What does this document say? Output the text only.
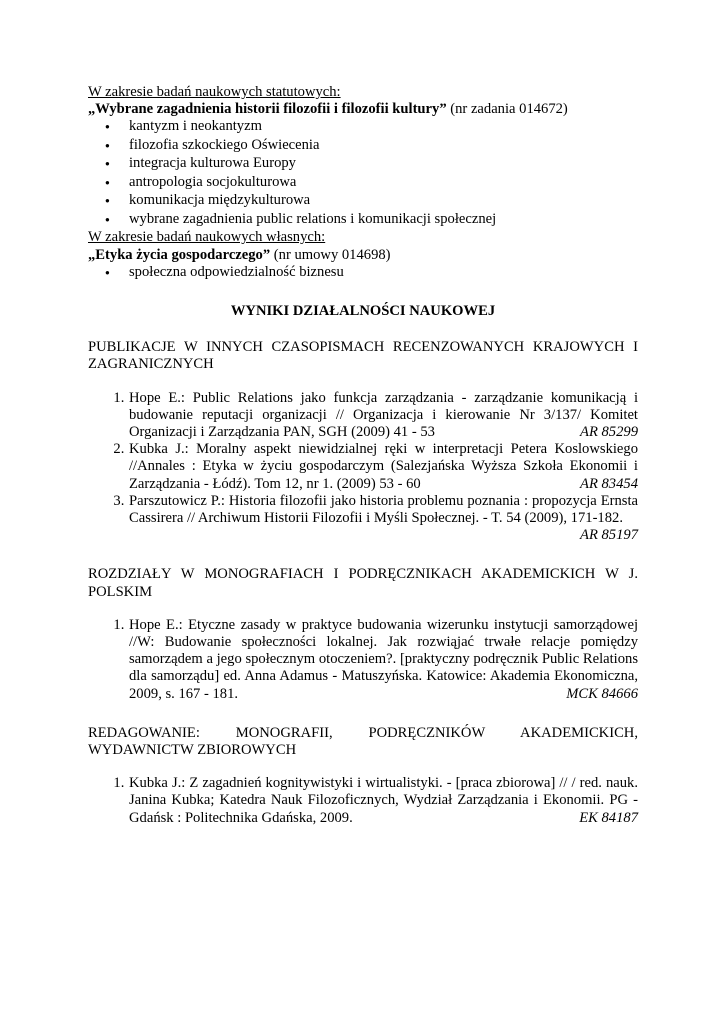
W zakresie badań naukowych statutowych:
„Wybrane zagadnienia historii filozofii i filozofii kultury” (nr zadania 014672)
● kantyzm i neokantyzm
● filozofia szkockiego Oświecenia
● integracja kulturowa Europy
● antropologia socjokulturowa
● komunikacja międzykulturowa
● wybrane zagadnienia public relations i komunikacji społecznej
W zakresie badań naukowych własnych:
„Etyka życia gospodarczego” (nr umowy 014698)
● społeczna odpowiedzialność biznesu
WYNIKI DZIAŁALNOŚCI NAUKOWEJ
PUBLIKACJE W INNYCH CZASOPISMACH RECENZOWANYCH KRAJOWYCH I
ZAGRANICZNYCH
1. Hope E.: Public Relations jako funkcja zarządzania - zarządzanie komunikacją i budowanie reputacji organizacji // Organizacja i kierowanie Nr 3/137/ Komitet Organizacji i Zarządzania PAN, SGH (2009) 41 - 53	AR 85299
2. Kubka J.: Moralny aspekt niewidzialnej ręki w interpretacji Petera Koslowskiego //Annales : Etyka w życiu gospodarczym (Salezjańska Wyższa Szkoła Ekonomii i Zarządzania - Łódź). Tom 12, nr 1. (2009) 53 - 60	AR 83454
3. Parszutowicz P.: Historia filozofii jako historia problemu poznania : propozycja Ernsta Cassirera // Archiwum Historii Filozofii i Myśli Społecznej. - T. 54 (2009), 171-182.
AR 85197
ROZDZIAŁY W MONOGRAFIACH I PODRĘCZNIKACH AKADEMICKICH W J.
POLSKIM
1. Hope E.: Etyczne zasady w praktyce budowania wizerunku instytucji samorządowej //W: Budowanie społeczności lokalnej. Jak rozwiąjać trwałe relacje pomiędzy samorządem a jego społecznym otoczeniem?. [praktyczny podręcznik Public Relations dla samorządu] ed. Anna Adamus - Matuszyńska. Katowice: Akademia Ekonomiczna, 2009, s. 167 - 181.	MCK 84666
REDAGOWANIE: MONOGRAFII, PODRĘCZNIKÓW AKADEMICKICH,
WYDAWNICTW ZBIOROWYCH
1. Kubka J.: Z zagadnień kognitywistyki i wirtualistyki. - [praca zbiorowa] // / red. nauk. Janina Kubka; Katedra Nauk Filozoficznych, Wydział Zarządzania i Ekonomii. PG - Gdańsk : Politechnika Gdańska, 2009.	EK 84187
